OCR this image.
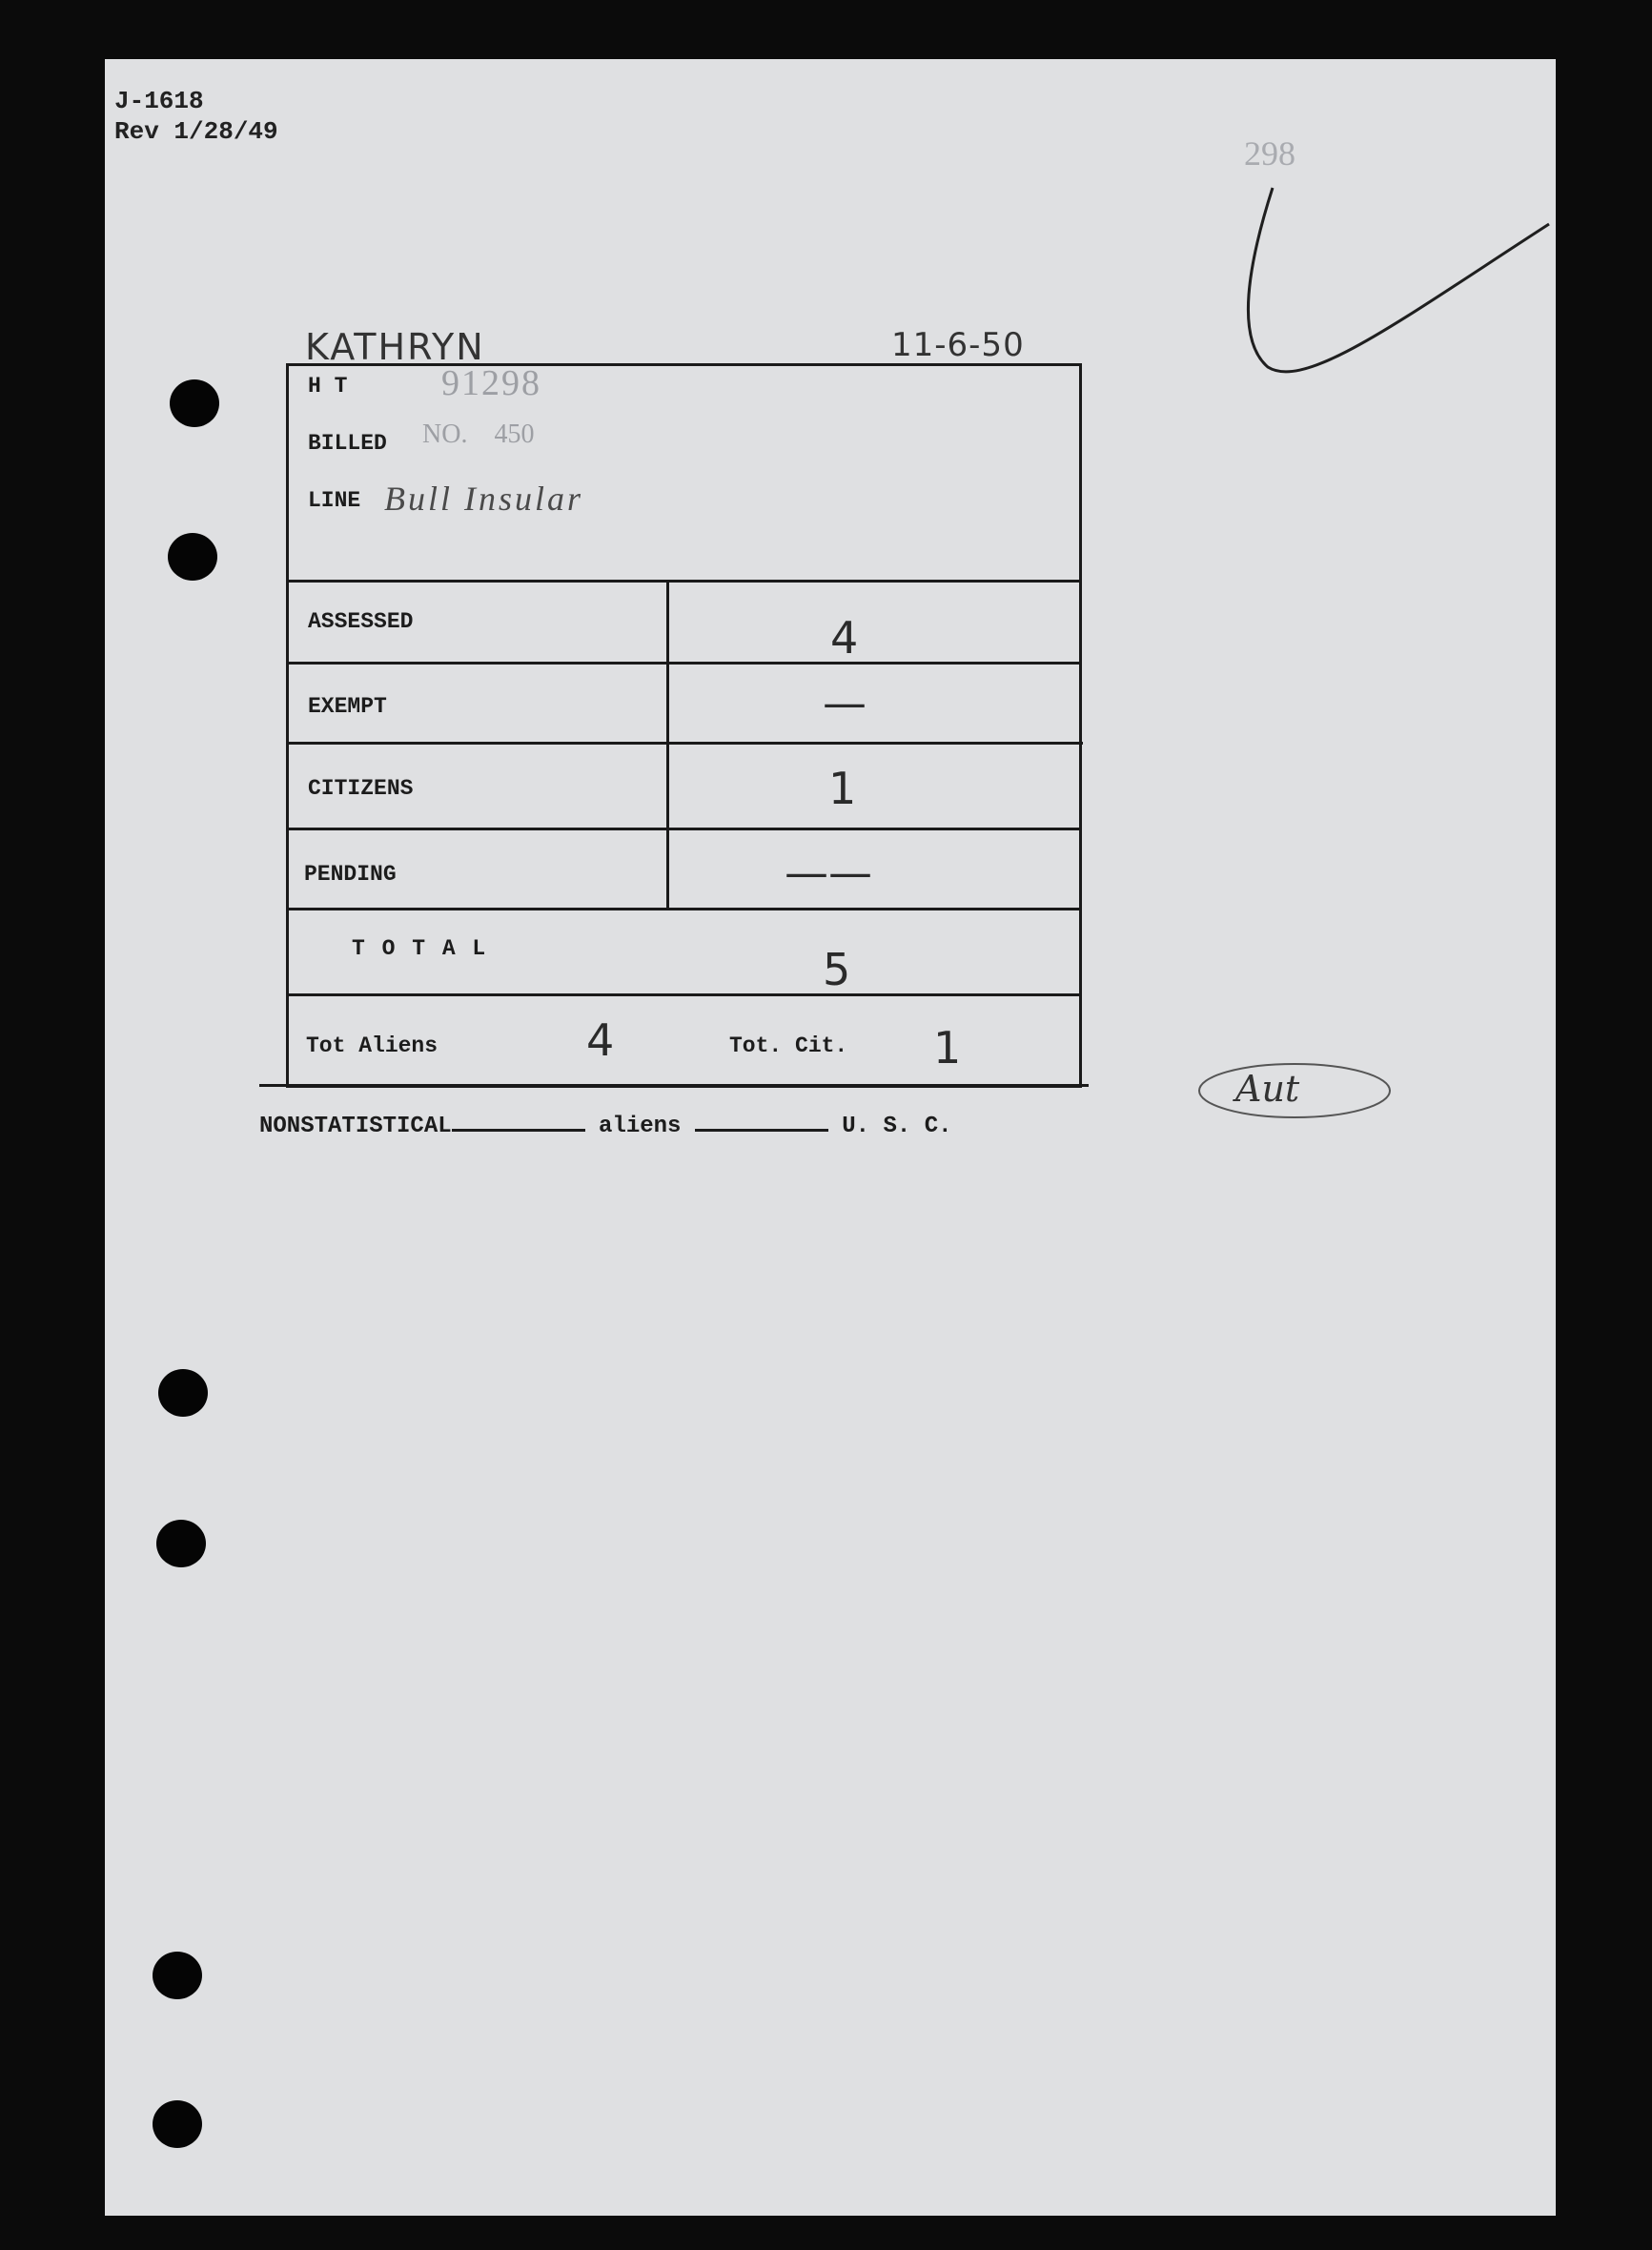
J-1618
Rev 1/28/49
298
KATHRYN	11-6-50
H T	91298
BILLED NO.    450
LINE Bull Insular
ASSESSED	4
EXEMPT	—
CITIZENS	1
PENDING	——
T O T A L	5
Tot Aliens	4	Tot. Cit. 1
Aut
NONSTATISTICAL	aliens	U. S. C.
